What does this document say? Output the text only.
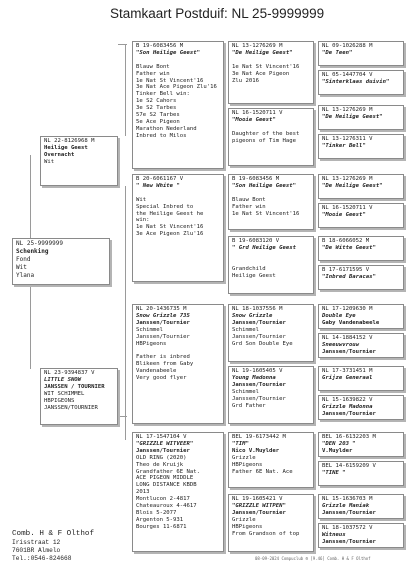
Stamkaart Postduif: NL 25-9999999
NL 25-9999999
Schenking
Fond
Wit
Ylana
NL 22-8126968 M
Heilige Geest
Overnacht
Wit
NL 23-9394837 V
LITTLE SNOW
JANSSEN / TOURNIER
WIT SCHIMMEL
HBPIGEONS
JANSSEN/TOURNIER
B 19-6083456 M
"Son Heilige Geest"

Blauw Bont
Father win
1e Nat St Vincent'16
3e Nat Ace Pigeon Zlu'16
Tinker Bell win:
1e S2 Cahors
3e S2 Tarbes
57e S2 Tarbes
5e Ace Pigeon
Marathon Nederland
Inbred to Milos
B 20-6061167 V
" New White "

Wit
Special Inbred to
the Heilige Geest he
win:
1e Nat St Vincent'16
3e Ace Pigeon Zlu'16
NL 20-1436735 M
Snow Grizzle 735
Janssen/Tournier
Schimmel
Janssen/Tournier
HBPigeons

Father is inbred
Blikeen from Gaby
Vandenabeele
Very good flyer
NL 17-1547104 V
"GRIZZLE WITVEER"
Janssen/Tournier
OLD RING (2020)
Theo de Kruijk
Grandfather 6E Nat.
ACE PIGEON MIDDLE
LONG DISTANCE KBDB
2013
Montlucon 2-4817
Chateauroux 4-4617
Blois 5-2077
Argenton 5-931
Bourges 11-6871
NL 13-1276269 M
"De Heilige Geest"

1e Nat St Vincent'16
3e Nat Ace Pigeon
Zlu 2016
NL 16-1520711 V
"Mooie Geest"

Daughter of the best
pigeons of Tim Hage
B 19-6083456 M
"Son Heilige Geest"

Blauw Bont
Father win
1e Nat St Vincent'16
B 19-6083120 V
" Grd Heilige Geest

Grandchild
Heilige Geest
NL 18-1037556 M
Snow Grizzle
Janssen/Tournier
Schimmel
Janssen/Tournier
Grd Son Double Eye
NL 19-1605405 V
Young Madonna
Janssen/Tournier
Schimmel
Janssen/Tournier
Grd Father
BEL 19-6173442 M
"TIM"
Nico V.Muylder
Grizzle
HBPigeons
Father 6E Nat. Ace
NL 19-1605421 V
"GRIZZLE WITPEN"
Janssen/Tournier
Grizzle
HBPigeons
From Grandson of top
NL 09-1026288 M
"De Teen"
NL 05-1447704 V
"Sinterklaas duivin"
NL 13-1276269 M
"De Heilige Geest"
NL 13-1276311 V
"Tinker Bell"
NL 13-1276269 M
"De Heilige Geest"
NL 16-1520711 V
"Mooie Geest"
B 18-6066052 M
"De Witte Geest"
B 17-6171595 V
"Inbred Baracas"
NL 17-1209630 M
Double Eye
Gaby Vandenabeele
NL 14-1884152 V
Sneeuwvrouw
Janssen/Tournier
NL 17-3731451 M
Grijze Generaal
NL 15-1639822 V
Grizzle Madonna
Janssen/Tournier
BEL 16-6132203 M
"DEN 203 "
V.Muylder
BEL 14-6159209 V
"TINE "
NL 15-1636703 M
Grizzle Maniak
Janssen/Tournier
NL 18-1037572 V
Witneus
Janssen/Tournier
Comb. H & F Olthof
Irisstraat 12
7601BR Almelo
Tel.:0546-824668	08-09-2024 Compuclub ® [9.46] Comb. H & F Olthof
